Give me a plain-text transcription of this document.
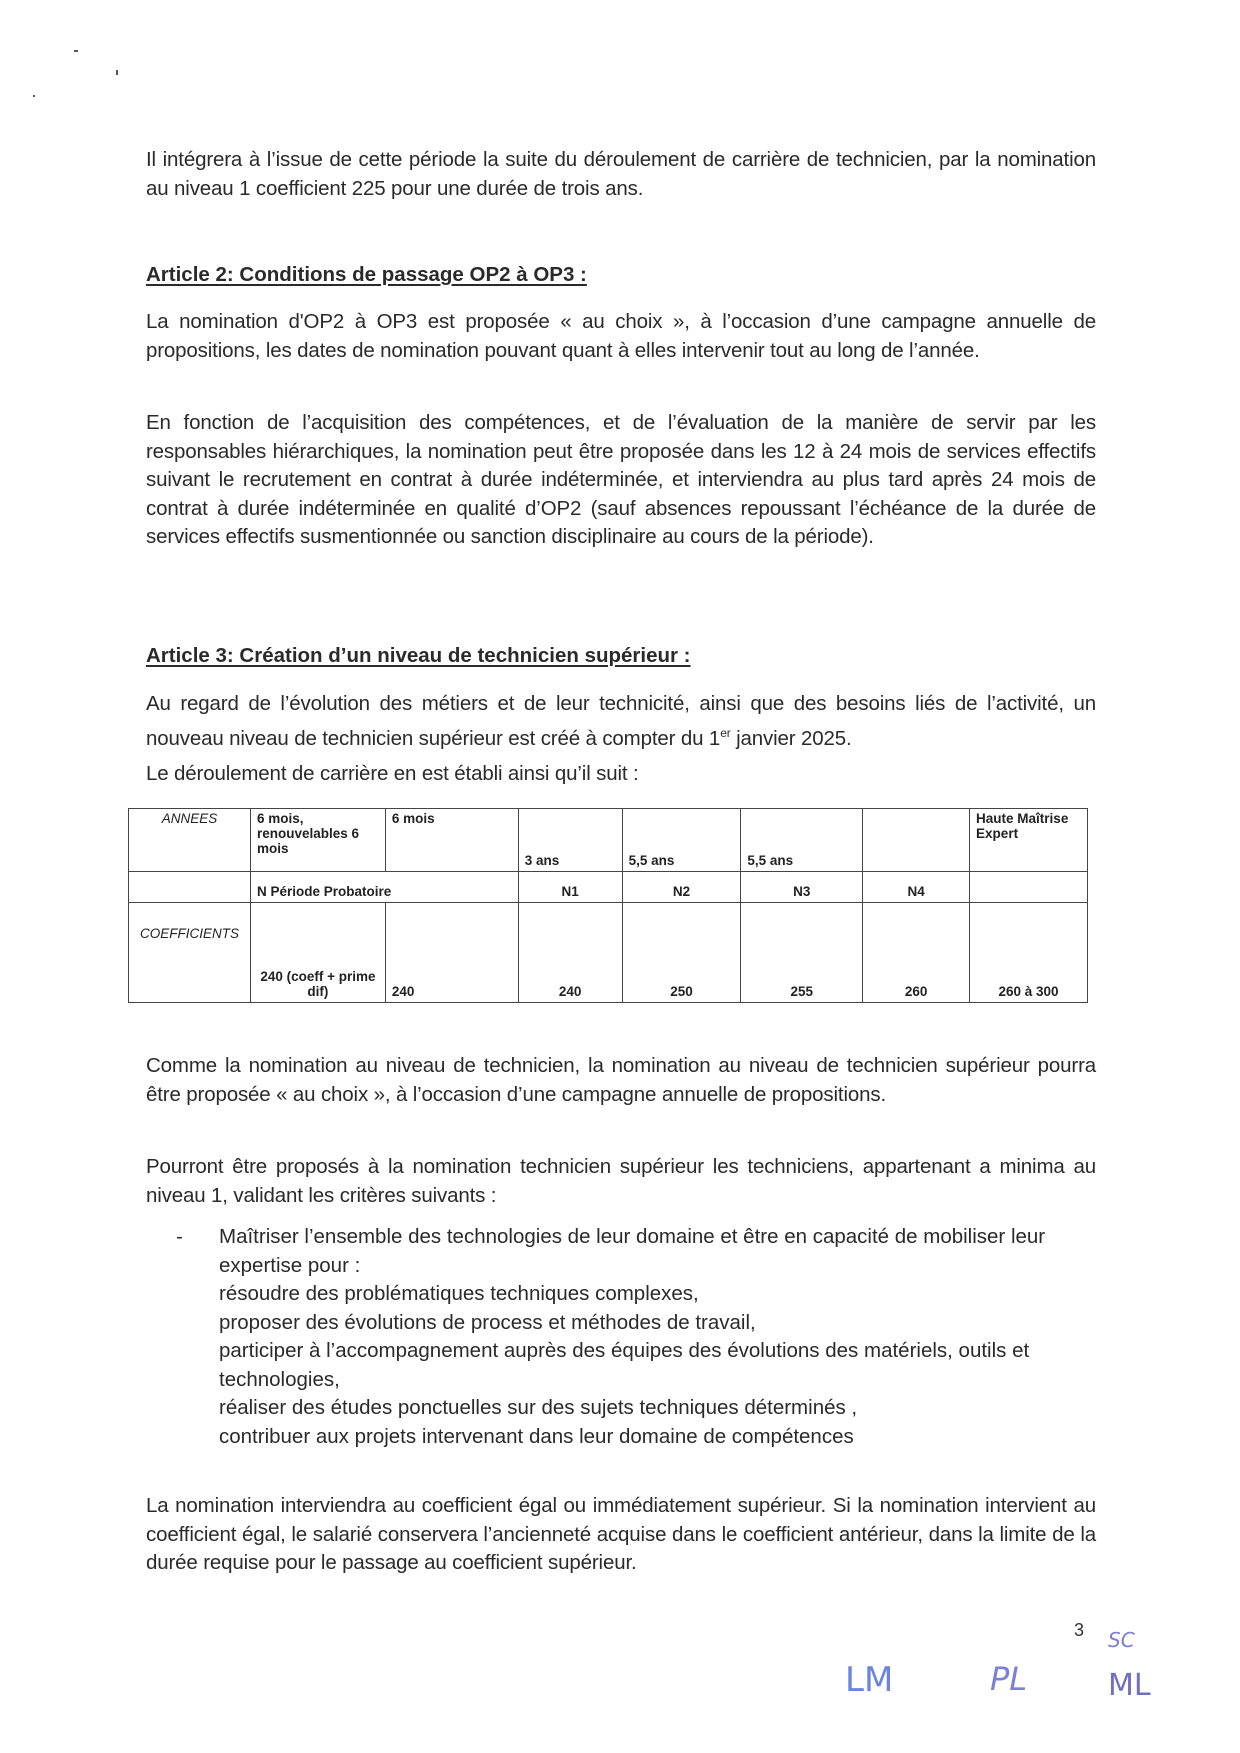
Il intégrera à l’issue de cette période la suite du déroulement de carrière de technicien, par la nomination au niveau 1 coefficient 225 pour une durée de trois ans.

Article 2: Conditions de passage OP2 à OP3 :

La nomination d'OP2 à OP3 est proposée « au choix », à l’occasion d’une campagne annuelle de propositions, les dates de nomination pouvant quant à elles intervenir tout au long de l’année.

En fonction de l’acquisition des compétences, et de l’évaluation de la manière de servir par les responsables hiérarchiques, la nomination peut être proposée dans les 12 à 24 mois de services effectifs suivant le recrutement en contrat à durée indéterminée, et interviendra au plus tard après 24 mois de contrat à durée indéterminée en qualité d’OP2 (sauf absences repoussant l’échéance de la durée de services effectifs susmentionnée ou sanction disciplinaire au cours de la période).

Article 3: Création d’un niveau de technicien supérieur :

Au regard de l’évolution des métiers et de leur technicité, ainsi que des besoins liés de l’activité, un nouveau niveau de technicien supérieur est créé à compter du 1er janvier 2025.

Le déroulement de carrière en est établi ainsi qu’il suit :

ANNEES	6 mois, renouvelables 6 mois	6 mois	3 ans	5,5 ans	5,5 ans		Haute Maîtrise Expert
	N Période Probatoire		N1	N2	N3	N4	
COEFFICIENTS	240 (coeff + prime dif)	240	240	250	255	260	260 à 300

Comme la nomination au niveau de technicien, la nomination au niveau de technicien supérieur pourra être proposée « au choix », à l’occasion d’une campagne annuelle de propositions.

Pourront être proposés à la nomination technicien supérieur les techniciens, appartenant a minima au niveau 1, validant les critères suivants :

- Maîtriser l’ensemble des technologies de leur domaine et être en capacité de mobiliser leur expertise pour :
résoudre des problématiques techniques complexes,
proposer des évolutions de process et méthodes de travail,
participer à l’accompagnement auprès des équipes des évolutions des matériels, outils et technologies,
réaliser des études ponctuelles sur des sujets techniques déterminés ,
contribuer aux projets intervenant dans leur domaine de compétences

La nomination interviendra au coefficient égal ou immédiatement supérieur. Si la nomination intervient au coefficient égal, le salarié conservera l’ancienneté acquise dans le coefficient antérieur, dans la limite de la durée requise pour le passage au coefficient supérieur.

3
LM	PL	ML
SC
